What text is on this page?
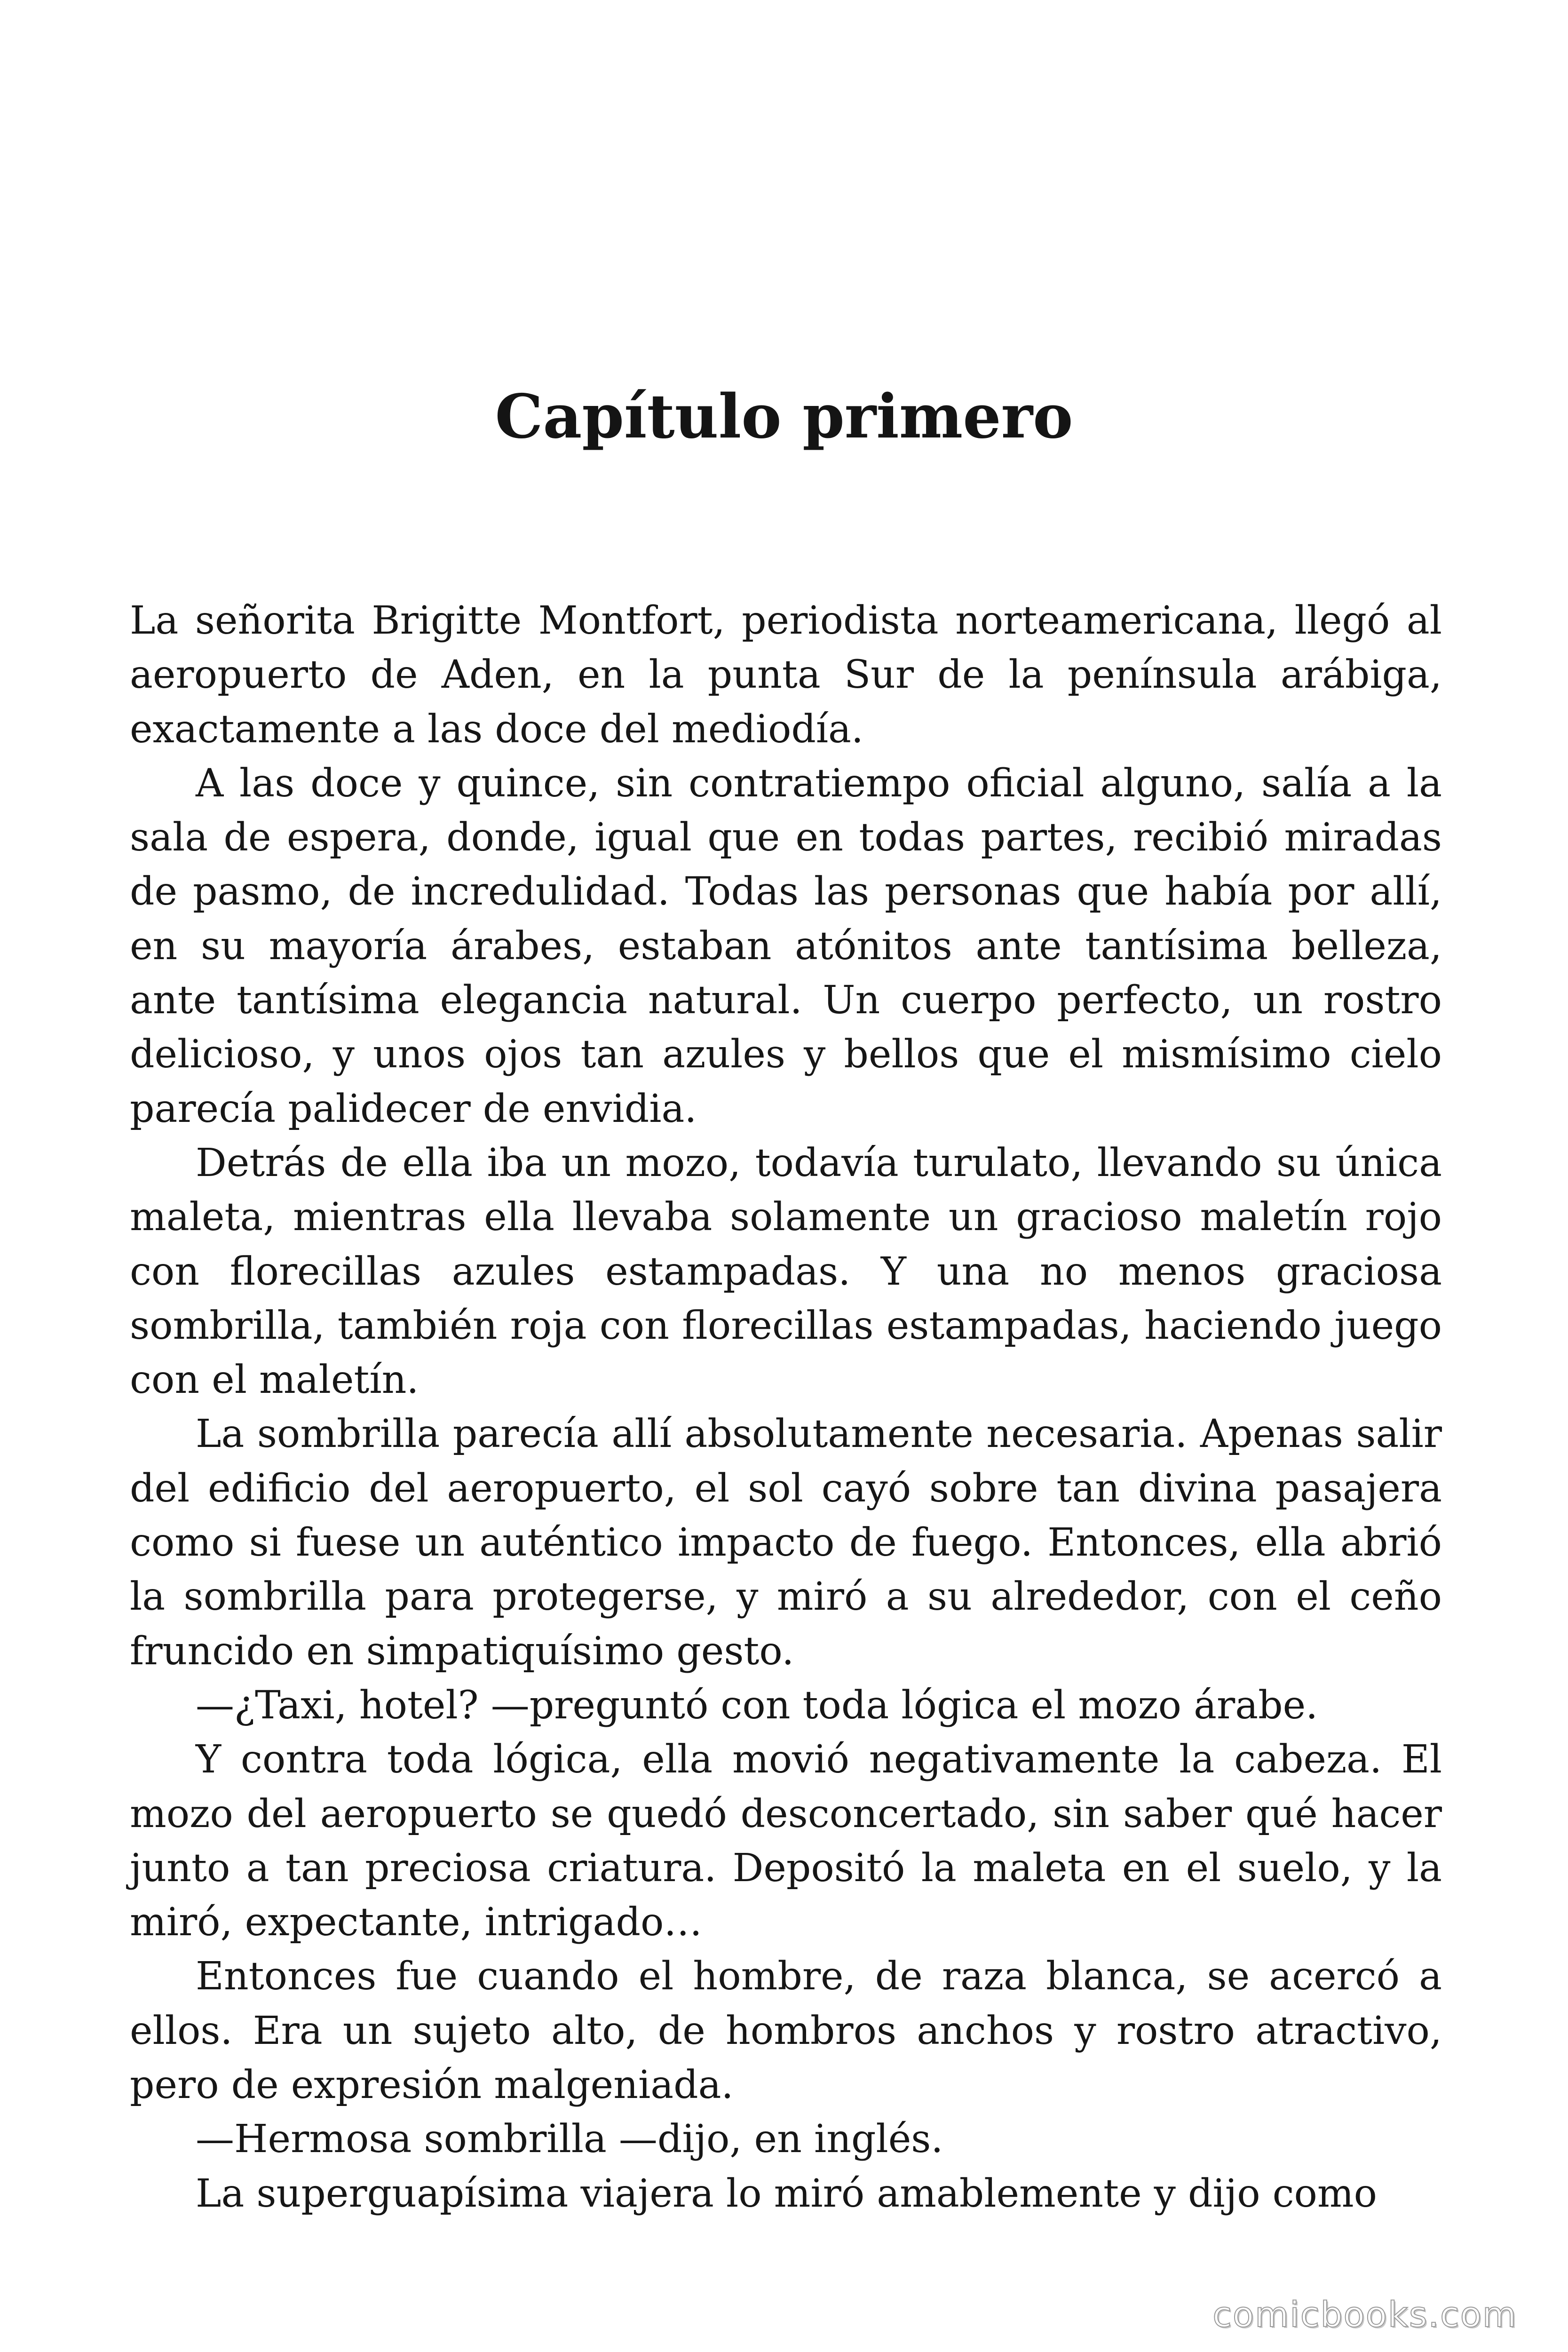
Capítulo primero

La señorita Brigitte Montfort, periodista norteamericana, llegó al aeropuerto de Aden, en la punta Sur de la península arábiga, exactamente a las doce del mediodía.

A las doce y quince, sin contratiempo oficial alguno, salía a la sala de espera, donde, igual que en todas partes, recibió miradas de pasmo, de incredulidad. Todas las personas que había por allí, en su mayoría árabes, estaban atónitos ante tantísima belleza, ante tantísima elegancia natural. Un cuerpo perfecto, un rostro delicioso, y unos ojos tan azules y bellos que el mismísimo cielo parecía palidecer de envidia.

Detrás de ella iba un mozo, todavía turulato, llevando su única maleta, mientras ella llevaba solamente un gracioso maletín rojo con florecillas azules estampadas. Y una no menos graciosa sombrilla, también roja con florecillas estampadas, haciendo juego con el maletín.

La sombrilla parecía allí absolutamente necesaria. Apenas salir del edificio del aeropuerto, el sol cayó sobre tan divina pasajera como si fuese un auténtico impacto de fuego. Entonces, ella abrió la sombrilla para protegerse, y miró a su alrededor, con el ceño fruncido en simpatiquísimo gesto.

—¿Taxi, hotel? —preguntó con toda lógica el mozo árabe.

Y contra toda lógica, ella movió negativamente la cabeza. El mozo del aeropuerto se quedó desconcertado, sin saber qué hacer junto a tan preciosa criatura. Depositó la maleta en el suelo, y la miró, expectante, intrigado…

Entonces fue cuando el hombre, de raza blanca, se acercó a ellos. Era un sujeto alto, de hombros anchos y rostro atractivo, pero de expresión malgeniada.

—Hermosa sombrilla —dijo, en inglés.

La superguapísima viajera lo miró amablemente y dijo como

comicbooks.com
